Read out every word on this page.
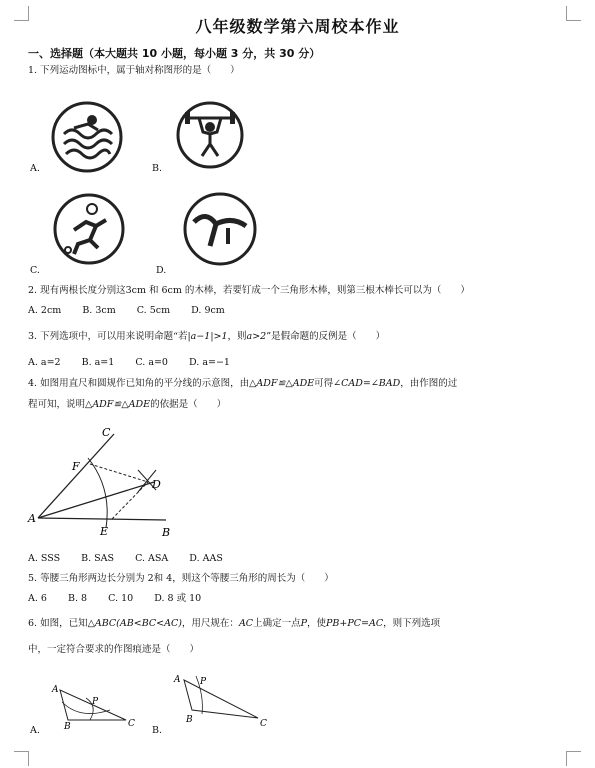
八年级数学第六周校本作业
一、选择题（本大题共 10 小题，每小题 3 分，共 30 分）
1. 下列运动图标中，属于轴对称图形的是（　　）
A.	B.
C.	D.
2. 现有两根长度分别这3cm 和 6cm 的木棒，若要钉成一个三角形木棒，则第三根木棒长可以为（　　）
A. 2cm B. 3cm C. 5cm D. 9cm
3. 下列选项中，可以用来说明命题“若|a−1|>1，则a>2”是假命题的反例是（　　）
A. a=2 B. a=1 C. a=0 D. a=−1
4. 如图用直尺和圆规作已知角的平分线的示意图，由△ADF≌△ADE可得∠CAD=∠BAD，由作图的过
程可知，说明△ADF≌△ADE的依据是（　　）
C
F
D
A
E	B
A. SSS B. SAS C. ASA D. AAS
5. 等腰三角形两边长分别为 2和 4，则这个等腰三角形的周长为（　　）
A. 6 B. 8 C. 10 D. 8 或 10
6. 如图，已知△ABC(AB<BC<AC)，用尺规在：AC上确定一点P，使PB+PC=AC，则下列选项
中，一定符合要求的作图痕迹是（　　）
A
P
B	C
A P
B	C
A.	B.
